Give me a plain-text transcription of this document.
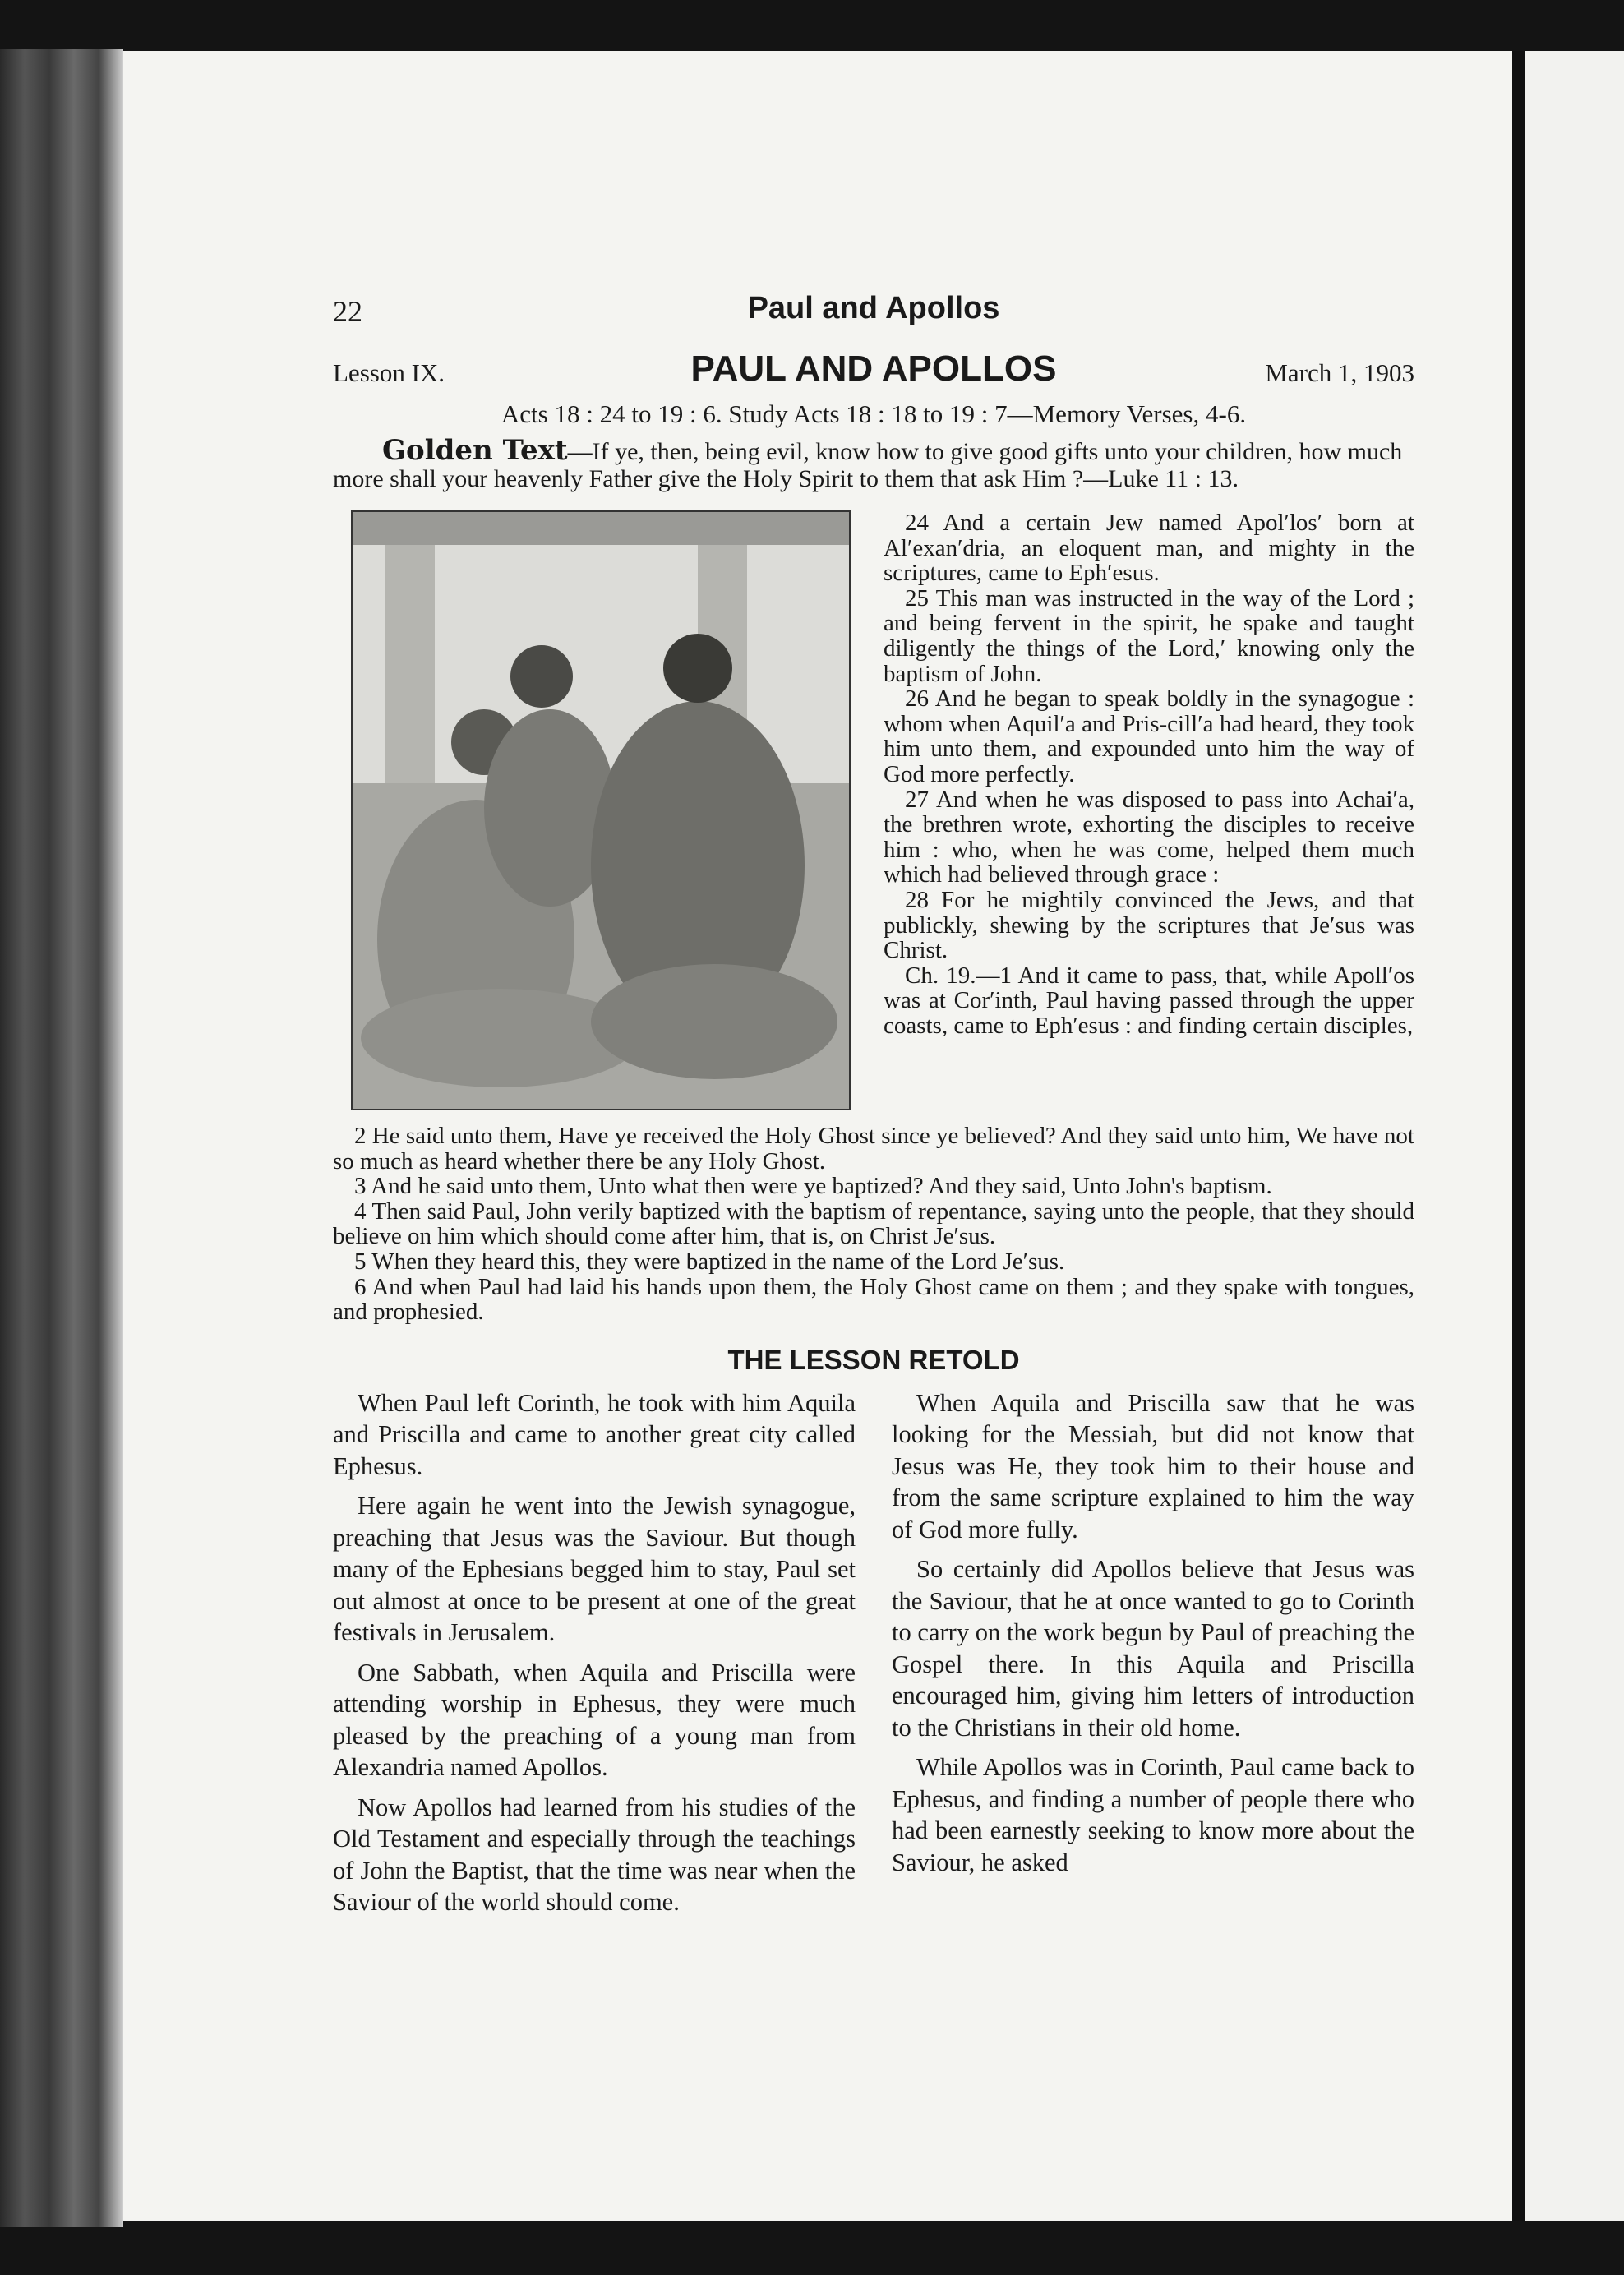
22	Paul and Apollos
Lesson IX.	PAUL AND APOLLOS	March 1, 1903
Acts 18 : 24 to 19 : 6. Study Acts 18 : 18 to 19 : 7—Memory Verses, 4-6.
Golden Text—If ye, then, being evil, know how to give good gifts unto your children, how much more shall your heavenly Father give the Holy Spirit to them that ask Him ?—Luke 11 : 13.

24 And a certain Jew named Apol′los′ born at Al′exan′dria, an eloquent man, and mighty in the scriptures, came to Eph′esus.

25 This man was instructed in the way of the Lord ; and being fervent in the spirit, he spake and taught diligently the things of the Lord,′ knowing only the baptism of John.

26 And he began to speak boldly in the synagogue : whom when Aquil′a and Pris-cill′a had heard, they took him unto them, and expounded unto him the way of God more perfectly.

27 And when he was disposed to pass into Achai′a, the brethren wrote, exhorting the disciples to receive him : who, when he was come, helped them much which had believed through grace :

28 For he mightily convinced the Jews, and that publickly, shewing by the scriptures that Je′sus was Christ.

Ch. 19.—1 And it came to pass, that, while Apoll′os was at Cor′inth, Paul having passed through the upper coasts, came to Eph′esus : and finding certain disciples,

2 He said unto them, Have ye received the Holy Ghost since ye believed? And they said unto him, We have not so much as heard whether there be any Holy Ghost.

3 And he said unto them, Unto what then were ye baptized? And they said, Unto John's baptism.

4 Then said Paul, John verily baptized with the baptism of repentance, saying unto the people, that they should believe on him which should come after him, that is, on Christ Je′sus.

5 When they heard this, they were baptized in the name of the Lord Je′sus.

6 And when Paul had laid his hands upon them, the Holy Ghost came on them ; and they spake with tongues, and prophesied.

THE LESSON RETOLD

When Paul left Corinth, he took with him Aquila and Priscilla and came to another great city called Ephesus.

Here again he went into the Jewish synagogue, preaching that Jesus was the Saviour. But though many of the Ephesians begged him to stay, Paul set out almost at once to be present at one of the great festivals in Jerusalem.

One Sabbath, when Aquila and Priscilla were attending worship in Ephesus, they were much pleased by the preaching of a young man from Alexandria named Apollos.

Now Apollos had learned from his studies of the Old Testament and especially through the teachings of John the Baptist, that the time was near when the Saviour of the world should come.

When Aquila and Priscilla saw that he was looking for the Messiah, but did not know that Jesus was He, they took him to their house and from the same scripture explained to him the way of God more fully.

So certainly did Apollos believe that Jesus was the Saviour, that he at once wanted to go to Corinth to carry on the work begun by Paul of preaching the Gospel there. In this Aquila and Priscilla encouraged him, giving him letters of introduction to the Christians in their old home.

While Apollos was in Corinth, Paul came back to Ephesus, and finding a number of people there who had been earnestly seeking to know more about the Saviour, he asked
